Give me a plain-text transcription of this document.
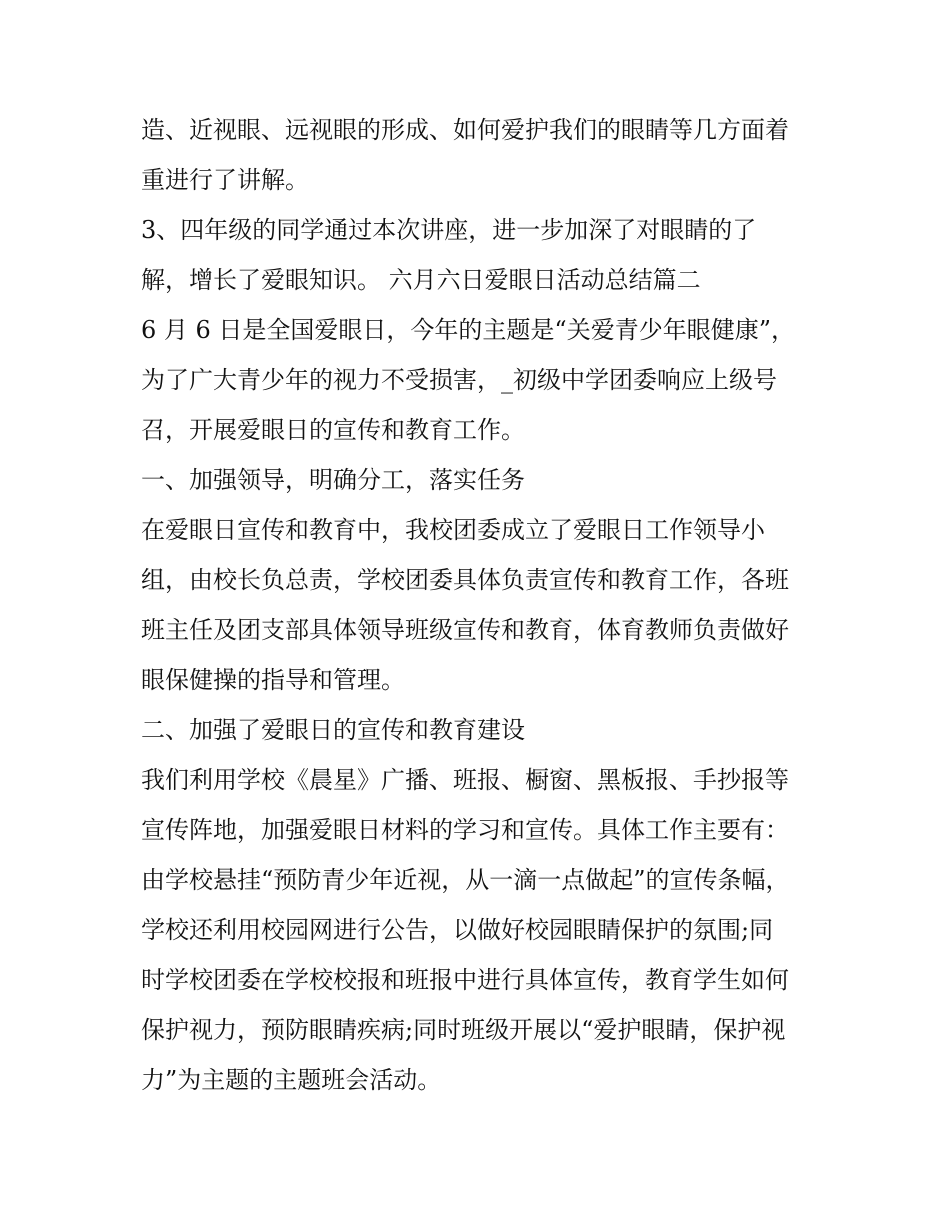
造、近视眼、远视眼的形成、如何爱护我们的眼睛等几方面着

重进行了讲解。

3、四年级的同学通过本次讲座，进一步加深了对眼睛的了

解，增长了爱眼知识。 六月六日爱眼日活动总结篇二

6 月 6 日是全国爱眼日，今年的主题是“关爱青少年眼健康”，

为了广大青少年的视力不受损害，_初级中学团委响应上级号

召，开展爱眼日的宣传和教育工作。

一、加强领导，明确分工，落实任务

在爱眼日宣传和教育中，我校团委成立了爱眼日工作领导小

组，由校长负总责，学校团委具体负责宣传和教育工作，各班

班主任及团支部具体领导班级宣传和教育，体育教师负责做好

眼保健操的指导和管理。

二、加强了爱眼日的宣传和教育建设

我们利用学校《晨星》广播、班报、橱窗、黑板报、手抄报等

宣传阵地，加强爱眼日材料的学习和宣传。具体工作主要有：

由学校悬挂“预防青少年近视，从一滴一点做起”的宣传条幅，

学校还利用校园网进行公告，以做好校园眼睛保护的氛围;同

时学校团委在学校校报和班报中进行具体宣传，教育学生如何

保护视力，预防眼睛疾病;同时班级开展以“爱护眼睛，保护视

力”为主题的主题班会活动。
